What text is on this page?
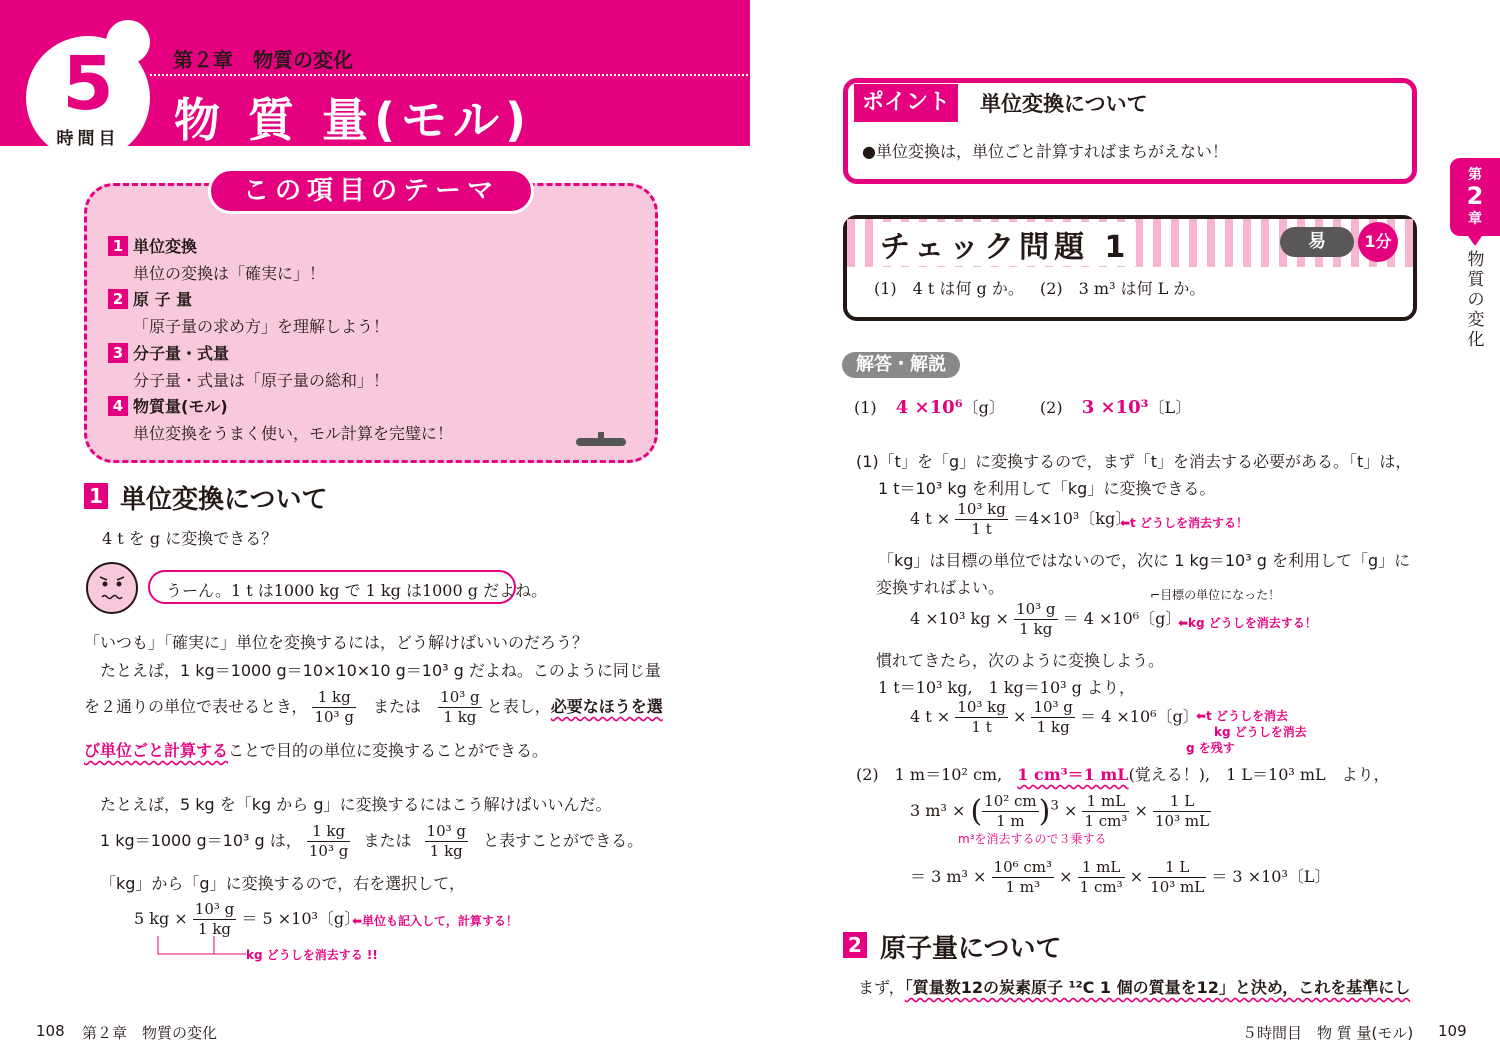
5
時間目
第２章　物質の変化
物 質 量(モル)
この項目のテーマ
1 単位変換
単位の変換は「確実に」！
2 原 子 量
「原子量の求め方」を理解しよう！
3 分子量・式量
分子量・式量は「原子量の総和」！
4 物質量(モル)
単位変換をうまく使い，モル計算を完璧に！
1 単位変換について
4 t を g に変換できる？
うーん。1 t は1000 kg で 1 kg は1000 g だよね。
「いつも」「確実に」単位を変換するには，どう解けばいいのだろう？
たとえば，1 kg＝1000 g＝10×10×10 g＝10³ g だよね。このように同じ量
を２通りの単位で表せるとき， $\frac{1 kg}{\text{10³ g}}$ または $\frac{\text{10³ g}}{1 kg}$ と表し，必要なほうを選
び単位ごと計算することで目的の単位に変換することができる。
たとえば，5 kg を「kg から g」に変換するにはこう解けばいいんだ。
1 kg＝1000 g＝10³ g は， $\frac{1 kg}{\text{10³ g}}$ または $\frac{\text{10³ g}}{1 kg}$ と表すことができる。
「kg」から「g」に変換するので，右を選択して，
5 kg × $\frac{\text{10³ g}}{1 kg} = 5 \times 10^3$〔g〕
⬅単位も記入して，計算する！
kg どうしを消去する !!
108 第２章　物質の変化
ポイント	単位変換について
●単位変換は，単位ごと計算すればまちがえない！
チェック問題 1	易	1分
(1)　4 t は何 g か。 (2)　3 m³ は何 L か。
解答・解説
(1) 4 ×10⁶〔g〕 (2) 3 ×10³〔L〕
(1)「t」を「g」に変換するので，まず「t」を消去する必要がある。「t」は，
1 t＝10³ kg を利用して「kg」に変換できる。
4 $t \times \frac{\text{10³ kg}}{1 t} =4\times 10^3$〔kg〕
⬅t どうしを消去する！
「kg」は目標の単位ではないので，次に 1 kg＝10³ g を利用して「g」に
変換すればよい。	⌐目標の単位になった！
4 ×10³ kg × $\frac{\text{10³ g}}{1 kg} = 4 \times 10^6$〔g〕
⬅kg どうしを消去する！
慣れてきたら，次のように変換しよう。
1 t＝10³ kg,　1 kg＝10³ g より，
4 $t \times \frac{\text{10³ kg}}{1 t} \times \frac{\text{10³ g}}{1 kg} = 4 \times 10^6$〔g〕
⬅t どうしを消去
kg どうしを消去
g を残す
(2)　1 m＝10² cm, 1 cm³＝1 mL(覚える！),　1 L＝10³ mL　より，
3 m³ × ( $\frac{\text{10² cm}}{1 m} )^3 \times \frac{1 mL}{\text{1 cm³}} \times \frac{1 L}{\text{10³ mL}}$
m³を消去するので３乗する
＝ 3 $m^3 \times \frac{\text{10⁶ cm³}}{\text{1 m³}} \times \frac{1 mL}{\text{1 cm³}} \times \frac{1 L}{\text{10³ mL}} = 3 \times 10^3$〔L〕
2 原子量について
まず，「質量数12の炭素原子 ¹²C 1 個の質量を12」と決め，これを基準にし
第
2
章
物質の変化
５時間目　物 質 量(モル) 109
